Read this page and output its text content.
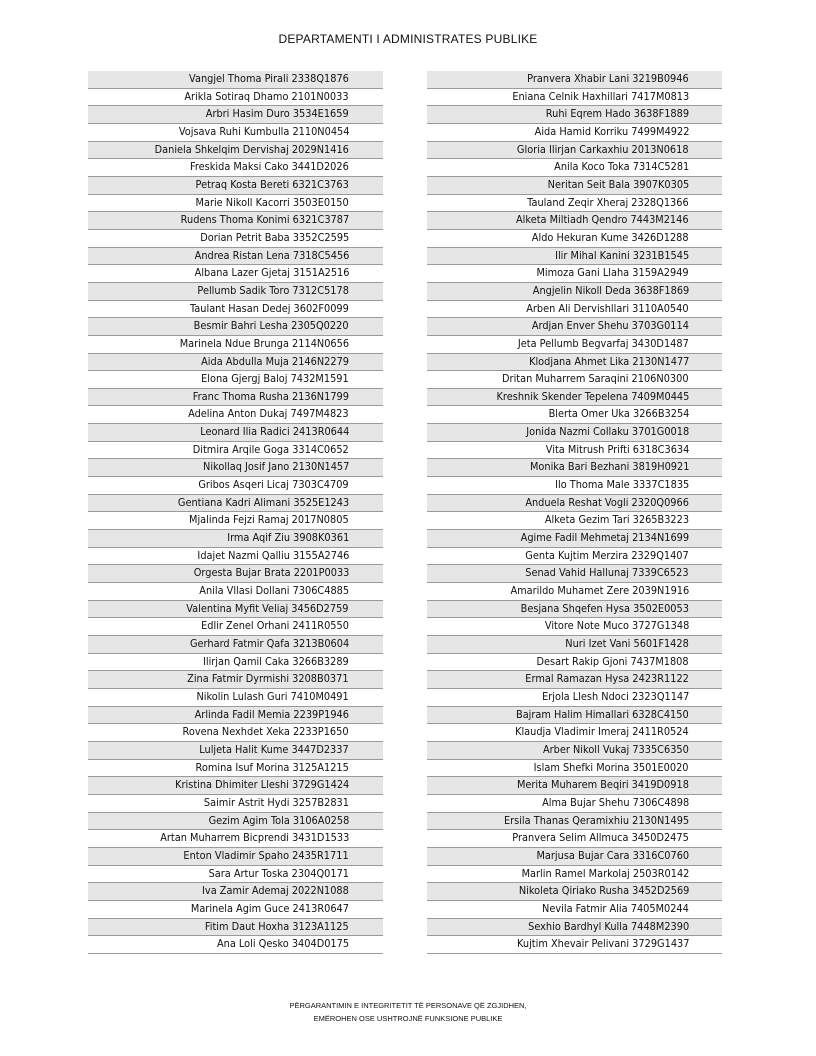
DEPARTAMENTI I ADMINISTRATES PUBLIKE
Vangjel Thoma Pirali 2338Q1876
Arikla Sotiraq Dhamo 2101N0033
Arbri Hasim Duro 3534E1659
Vojsava Ruhi Kumbulla 2110N0454
Daniela Shkelqim Dervishaj 2029N1416
Freskida Maksi Cako 3441D2026
Petraq Kosta Bereti 6321C3763
Marie Nikoll Kacorri 3503E0150
Rudens Thoma Konimi 6321C3787
Dorian Petrit Baba 3352C2595
Andrea Ristan Lena 7318C5456
Albana Lazer Gjetaj 3151A2516
Pellumb Sadik Toro 7312C5178
Taulant Hasan Dedej 3602F0099
Besmir Bahri Lesha 2305Q0220
Marinela Ndue Brunga 2114N0656
Aida Abdulla Muja 2146N2279
Elona Gjergj Baloj 7432M1591
Franc Thoma Rusha 2136N1799
Adelina Anton Dukaj 7497M4823
Leonard Ilia Radici 2413R0644
Ditmira Arqile Goga 3314C0652
Nikollaq Josif Jano 2130N1457
Gribos Asqeri Licaj 7303C4709
Gentiana Kadri Alimani 3525E1243
Mjalinda Fejzi Ramaj 2017N0805
Irma Aqif Ziu 3908K0361
Idajet Nazmi Qalliu 3155A2746
Orgesta Bujar Brata 2201P0033
Anila Vllasi Dollani 7306C4885
Valentina Myfit Veliaj 3456D2759
Edlir Zenel Orhani 2411R0550
Gerhard Fatmir Qafa 3213B0604
Ilirjan Qamil Caka 3266B3289
Zina Fatmir Dyrmishi 3208B0371
Nikolin Lulash Guri 7410M0491
Arlinda Fadil Memia 2239P1946
Rovena Nexhdet Xeka 2233P1650
Luljeta Halit Kume 3447D2337
Romina Isuf Morina 3125A1215
Kristina Dhimiter Lleshi 3729G1424
Saimir Astrit Hydi 3257B2831
Gezim Agim Tola 3106A0258
Artan Muharrem Bicprendi 3431D1533
Enton Vladimir Spaho 2435R1711
Sara Artur Toska 2304Q0171
Iva Zamir Ademaj 2022N1088
Marinela Agim Guce 2413R0647
Fitim Daut Hoxha 3123A1125
Ana Loli Qesko 3404D0175
Pranvera Xhabir Lani 3219B0946
Eniana Celnik Haxhillari 7417M0813
Ruhi Eqrem Hado 3638F1889
Aida Hamid Korriku 7499M4922
Gloria Ilirjan Carkaxhiu 2013N0618
Anila Koco Toka 7314C5281
Neritan Seit Bala 3907K0305
Tauland Zeqir Xheraj 2328Q1366
Alketa Miltiadh Qendro 7443M2146
Aldo Hekuran Kume 3426D1288
Ilir Mihal Kanini 3231B1545
Mimoza Gani Llaha 3159A2949
Angjelin Nikoll Deda 3638F1869
Arben Ali Dervishllari 3110A0540
Ardjan Enver Shehu 3703G0114
Jeta Pellumb Begvarfaj 3430D1487
Klodjana Ahmet Lika 2130N1477
Dritan Muharrem Saraqini 2106N0300
Kreshnik Skender Tepelena 7409M0445
Blerta Omer Uka 3266B3254
Jonida Nazmi Collaku 3701G0018
Vita Mitrush Prifti 6318C3634
Monika Bari Bezhani 3819H0921
Ilo Thoma Male 3337C1835
Anduela Reshat Vogli 2320Q0966
Alketa Gezim Tari 3265B3223
Agime Fadil Mehmetaj 2134N1699
Genta Kujtim Merzira 2329Q1407
Senad Vahid Hallunaj 7339C6523
Amarildo Muhamet Zere 2039N1916
Besjana Shqefen Hysa 3502E0053
Vitore Note Muco 3727G1348
Nuri Izet Vani 5601F1428
Desart Rakip Gjoni 7437M1808
Ermal Ramazan Hysa 2423R1122
Erjola Llesh Ndoci 2323Q1147
Bajram Halim Himallari 6328C4150
Klaudja Vladimir Imeraj 2411R0524
Arber Nikoll Vukaj 7335C6350
Islam Shefki Morina 3501E0020
Merita Muharem Beqiri 3419D0918
Alma Bujar Shehu 7306C4898
Ersila Thanas Qeramixhiu 2130N1495
Pranvera Selim Allmuca 3450D2475
Marjusa Bujar Cara 3316C0760
Marlin Ramel Markolaj 2503R0142
Nikoleta Qiriako Rusha 3452D2569
Nevila Fatmir Alia 7405M0244
Sexhio Bardhyl Kulla 7448M2390
Kujtim Xhevair Pelivani 3729G1437
PËRGARANTIMIN E INTEGRITETIT TË PERSONAVE QË ZGJIDHEN,
EMËROHEN OSE USHTROJNË FUNKSIONE PUBLIKE
